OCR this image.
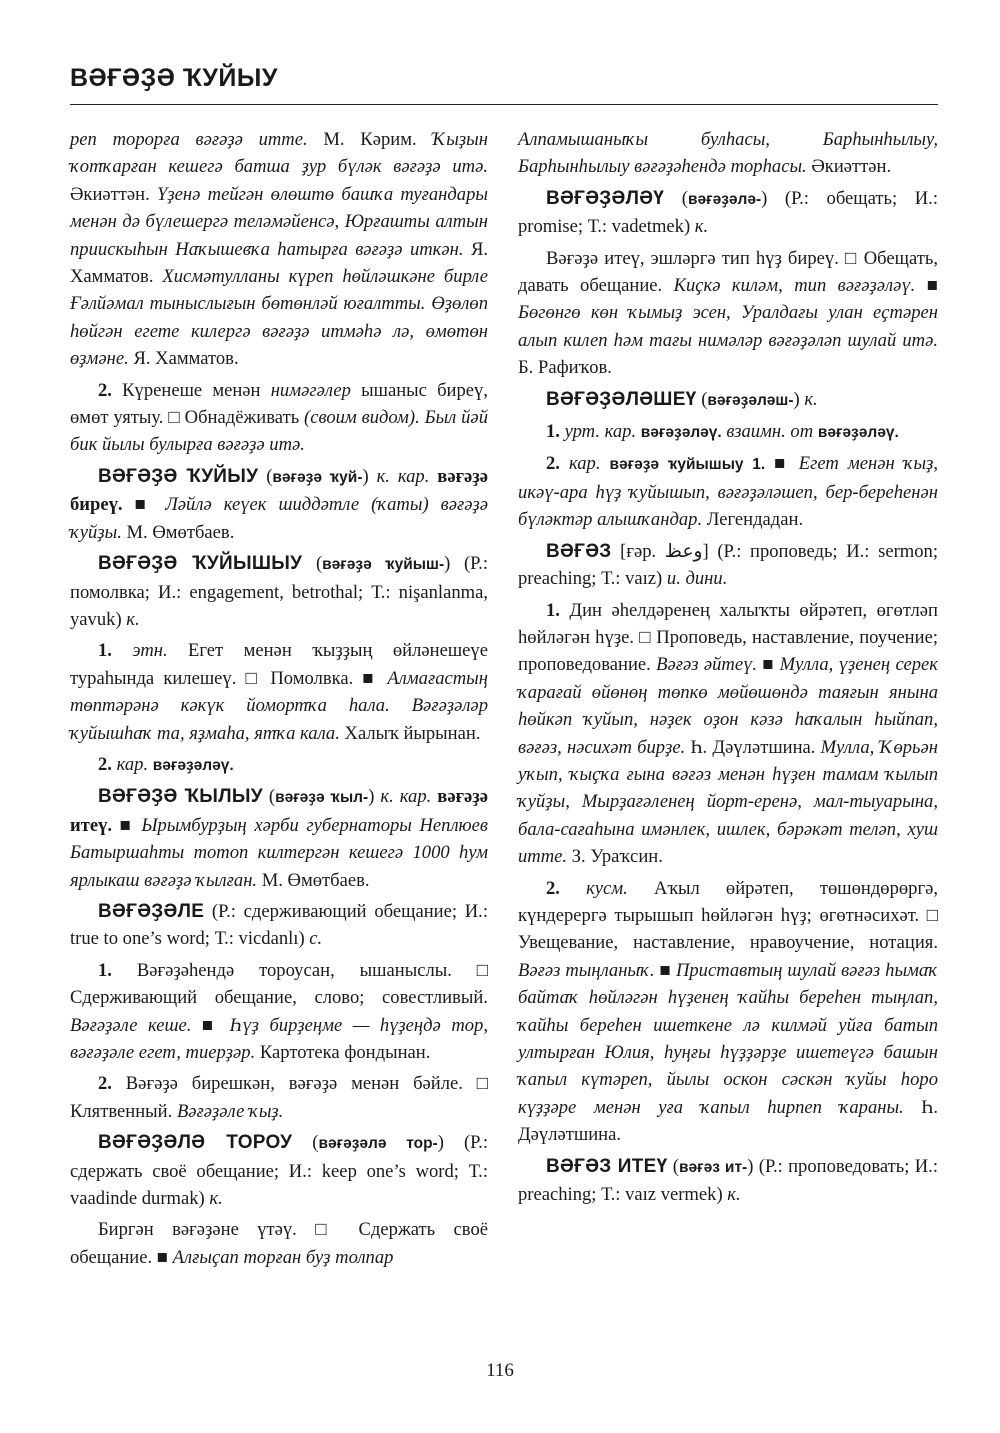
ВӘҒӘҘӘ ҠУЙЫУ

реп торорға вәғәҙә итте. М. Кәрим. Ҡыҙын ҡотҡарған кешегә батша ҙур бүләк вәғәҙә итә. Әкиәттән. Үҙенә тейгән өлөштө башҡа туғандары менән дә бүлешергә теләмәйенсә, Юрғашты алтын приискыһын Наҡышевҡа һатырға вәғәҙә иткән. Я. Хамматов. Хисмәтулланы күреп һөйләшкәне бирле Ғәлйәмал тыныслығын бөтөнләй юғалтты. Өҙөлөп һөйгән егете килергә вәғәҙә итмәһә лә, өмөтөн өҙмәне. Я. Хамматов.

2. Күренеше менән нимәгәлер ышаныс биреү, өмөт уятыу. □ Обнадёживать (своим видом). Был йәй бик йылы булырға вәғәҙә итә.

ВӘҒӘҘӘ ҠУЙЫУ (вәғәҙә ҡуй-) к. кар. вәғәҙә биреү. ■ Ләйлә кеүек шиддәтле (ҡаты) вәғәҙә ҡуйҙы. М. Өмөтбаев.

ВӘҒӘҘӘ ҠУЙЫШЫУ (вәғәҙә ҡуйыш-) (Р.: помолвка; И.: engagement, betrothal; Т.: nişanlanma, yavuk) к.

1. этн. Егет менән ҡыҙҙың өйләнешеүе тураһында килешеү. □ Помолвка. ■ Алмағастың төптәрәнә кәкүк йомортҡа һала. Вәғәҙәләр ҡуйышһаҡ та, яҙмаһа, ятҡа кала. Халыҡ йырынан.

2. кар. вәғәҙәләү.

ВӘҒӘҘӘ ҠЫЛЫУ (вәғәҙә ҡыл-) к. кар. вәғәҙә итеү. ■ Ырымбурҙың хәрби губернаторы Неплюев Батыршаһты тотоп килтергән кешегә 1000 һум ярлыкаш вәғәҙә ҡылған. М. Өмөтбаев.

ВӘҒӘҘӘЛЕ (Р.: сдерживающий обещание; И.: true to one’s word; Т.: vicdanlı) с.

1. Вәғәҙәһендә тороусан, ышаныслы. □ Сдерживающий обещание, слово; совестливый. Вәғәҙәле кеше. ■ Һүҙ бирҙеңме — һүҙеңдә тор, вәғәҙәле егет, тиерҙәр. Картотека фондынан.

2. Вәғәҙә бирешкән, вәғәҙә менән бәйле. □ Клятвенный. Вәғәҙәле ҡыҙ.

ВӘҒӘҘӘЛӘ ТОРОУ (вәғәҙәлә тор-) (Р.: сдержать своё обещание; И.: keep one’s word; Т.: vaadinde durmak) к.

Биргән вәғәҙәне үтәү. □ Сдержать своё обещание. ■ Алғыҫап торған буҙ толпар

Алпамышаныҡы булһасы, Барһынһылыу, Барһынһылыу вәғәҙәһендә торһасы. Әкиәттән.

ВӘҒӘҘӘЛӘҮ (вәғәҙәлә-) (Р.: обещать; И.: promise; Т.: vadetmek) к.

Вәғәҙә итеү, эшләргә тип һүҙ биреү. □ Обещать, давать обещание. Киҫкә киләм, тип вәғәҙәләү. ■ Бөгөнгө көн ҡымыҙ эсен, Уралдағы улан еҫтәрен алып килеп һәм тағы нимәләр вәғәҙәләп шулай итә. Б. Рафиҡов.

ВӘҒӘҘӘЛӘШЕҮ (вәғәҙәләш-) к.

1. урт. кар. вәғәҙәләү. взаимн. от вәғәҙәләү.

2. кар. вәғәҙә ҡуйышыу 1. ■ Егет менән ҡыҙ, икәү-ара һүҙ ҡуйышып, вәғәҙәләшеп, бер-береһенән бүләктәр алышҡандар. Легендадан.

ВӘҒӘЗ [ғәр. وعظ] (Р.: проповедь; И.: sermon; preaching; Т.: vaız) и. дини.

1. Дин әһелдәренең халыҡты өйрәтеп, өгөтләп һөйләгән һүҙе. □ Проповедь, наставление, поучение; проповедование. Вәғәз әйтеү. ■ Мулла, үҙенең серек ҡарағай өйөнөң төпкө мөйөшөндә таяғын янына һөйкәп ҡуйып, нәҙек оҙон кәзә һаҡалын һыйпап, вәғәз, нәсихәт бирҙе. Һ. Дәүләтшина. Мулла, Ҡөрьән уҡып, ҡыҫҡа ғына вәғәз менән һүҙен тамам ҡылып ҡуйҙы, Мырҙағәленең йорт-еренә, мал-тыуарына, бала-сағаһына имәнлек, ишлек, бәрәкәт теләп, хуш итте. З. Ураҡсин.

2. кусм. Аҡыл өйрәтеп, төшөндөрөргә, күндерергә тырышып һөйләгән һүҙ; өгөтнәсихәт. □ Увещевание, наставление, нравоучение, нотация. Вәғәз тыңланыҡ. ■ Приставтың шулай вәғәз һымаҡ байтаҡ һөйләгән һүҙенең ҡайһы береһен тыңлап, ҡайһы береһен ишеткене лә килмәй уйға батып ултырған Юлия, һуңғы һүҙҙәрҙе ишетеүгә башын ҡапыл күтәреп, йылы оскон сәскән ҡуйы һоро күҙҙәре менән уға ҡапыл һирпеп ҡараны. Һ. Дәүләтшина.

ВӘҒӘЗ ИТЕҮ (вәғәз ит-) (Р.: проповедовать; И.: preaching; Т.: vaız vermek) к.

116
